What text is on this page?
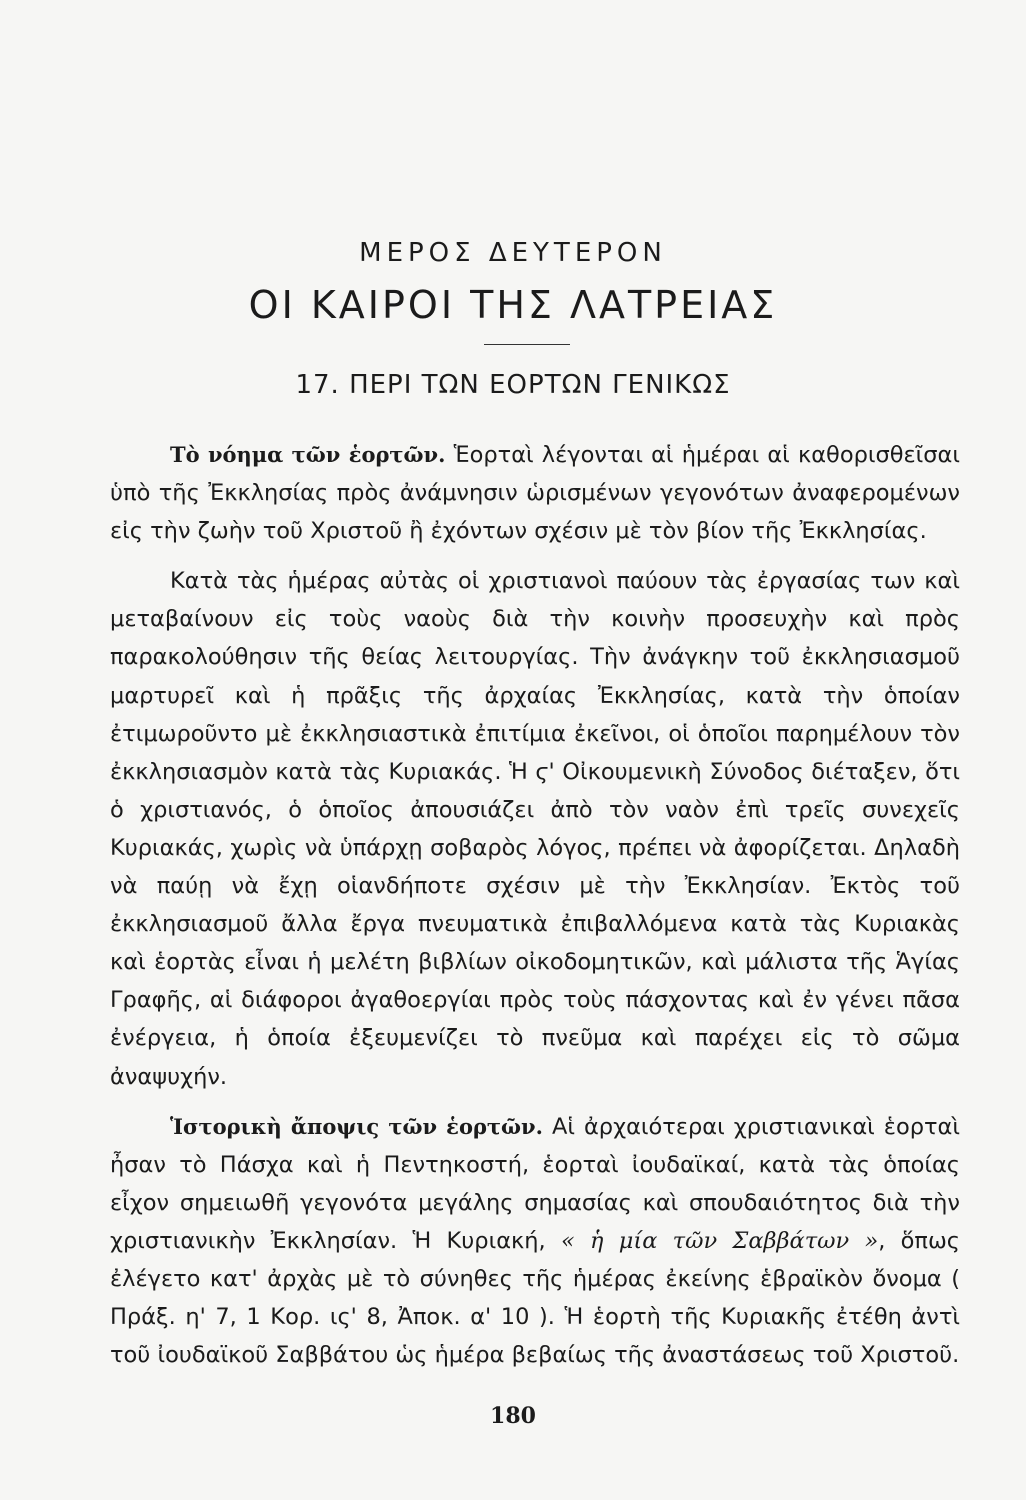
ΜΕΡΟΣ ΔΕΥΤΕΡΟΝ
ΟΙ ΚΑΙΡΟΙ ΤΗΣ ΛΑΤΡΕΙΑΣ
17. ΠΕΡΙ ΤΩΝ ΕΟΡΤΩΝ ΓΕΝΙΚΩΣ

Τὸ νόημα τῶν ἑορτῶν. Ἑορταὶ λέγονται αἱ ἡμέραι αἱ καθορισθεῖσαι ὑπὸ τῆς Ἐκκλησίας πρὸς ἀνάμνησιν ὡρισμένων γεγονότων ἀναφερομένων εἰς τὴν ζωὴν τοῦ Χριστοῦ ἢ ἐχόντων σχέσιν μὲ τὸν βίον τῆς Ἐκκλησίας.

Κατὰ τὰς ἡμέρας αὐτὰς οἱ χριστιανοὶ παύουν τὰς ἐργασίας των καὶ μεταβαίνουν εἰς τοὺς ναοὺς διὰ τὴν κοινὴν προσευχὴν καὶ πρὸς παρακολούθησιν τῆς θείας λειτουργίας. Τὴν ἀνάγκην τοῦ ἐκκλησιασμοῦ μαρτυρεῖ καὶ ἡ πρᾶξις τῆς ἀρχαίας Ἐκκλησίας, κατὰ τὴν ὁποίαν ἐτιμωροῦντο μὲ ἐκκλησιαστικὰ ἐπιτίμια ἐκεῖνοι, οἱ ὁποῖοι παρημέλουν τὸν ἐκκλησιασμὸν κατὰ τὰς Κυριακάς. Ἡ ϛ' Οἰκουμενικὴ Σύνοδος διέταξεν, ὅτι ὁ χριστιανός, ὁ ὁποῖος ἀπουσιάζει ἀπὸ τὸν ναὸν ἐπὶ τρεῖς συνεχεῖς Κυριακάς, χωρὶς νὰ ὑπάρχῃ σοβαρὸς λόγος, πρέπει νὰ ἀφορίζεται. Δηλαδὴ νὰ παύῃ νὰ ἔχῃ οἱανδήποτε σχέσιν μὲ τὴν Ἐκκλησίαν. Ἐκτὸς τοῦ ἐκκλησιασμοῦ ἄλλα ἔργα πνευματικὰ ἐπιβαλλόμενα κατὰ τὰς Κυριακὰς καὶ ἑορτὰς εἶναι ἡ μελέτη βιβλίων οἰκοδομητικῶν, καὶ μάλιστα τῆς Ἁγίας Γραφῆς, αἱ διάφοροι ἀγαθοεργίαι πρὸς τοὺς πάσχοντας καὶ ἐν γένει πᾶσα ἐνέργεια, ἡ ὁποία ἐξευμενίζει τὸ πνεῦμα καὶ παρέχει εἰς τὸ σῶμα ἀναψυχήν.

Ἱστορικὴ ἄποψις τῶν ἑορτῶν. Αἱ ἀρχαιότεραι χριστιανικαὶ ἑορταὶ ἦσαν τὸ Πάσχα καὶ ἡ Πεντηκοστή, ἑορταὶ ἰουδαϊκαί, κατὰ τὰς ὁποίας εἶχον σημειωθῆ γεγονότα μεγάλης σημασίας καὶ σπουδαιότητος διὰ τὴν χριστιανικὴν Ἐκκλησίαν. Ἡ Κυριακή, « ἡ μία τῶν Σαββάτων », ὅπως ἐλέγετο κατ' ἀρχὰς μὲ τὸ σύνηθες τῆς ἡμέρας ἐκείνης ἑβραϊκὸν ὄνομα ( Πράξ. η' 7, 1 Κορ. ις' 8, Ἀποκ. α' 10 ). Ἡ ἑορτὴ τῆς Κυριακῆς ἐτέθη ἀντὶ τοῦ ἰουδαϊκοῦ Σαββάτου ὡς ἡμέρα βεβαίως τῆς ἀναστάσεως τοῦ Χριστοῦ.

180
